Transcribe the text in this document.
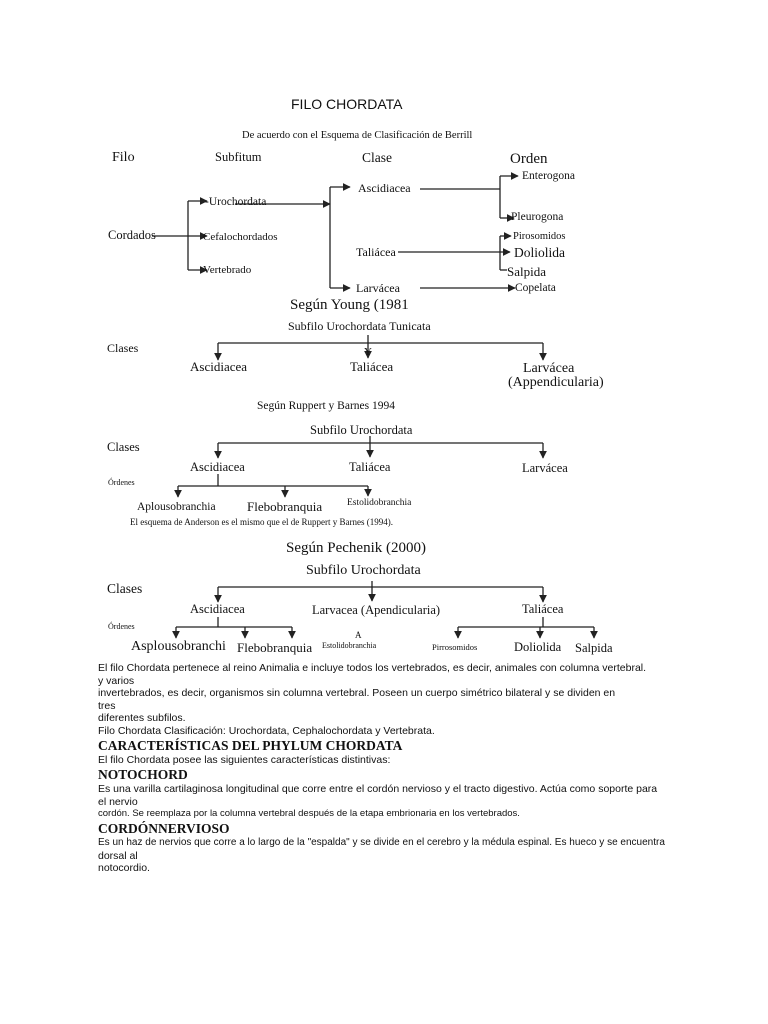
FILO CHORDATA
De acuerdo con el Esquema de Clasificación de Berrill
Filo	Subfitum	Clase	Orden
Cordados
-Urochordata
Cefalochordados
Vertebrado
Ascidiacea
Taliácea
Larvácea
Enterogona
Pleurogona
Pirosomidos
Doliolida
Salpida
Copelata
Según Young (1981
Subfilo Urochordata Tunicata
Clases	Y
Ascidiacea	Taliácea	Larvácea
(Appendicularia)
Según Ruppert y Barnes 1994
Subfilo Urochordata
Clases
Ascidiacea	Taliácea	Larvácea
Órdenes
Aplousobranchia Flebobranquia	Estolidobranchia
El esquema de Anderson es el mismo que el de Ruppert y Barnes (1994).
Según Pechenik (2000)
Subfilo Urochordata
Clases
Ascidiacea	Larvacea (Apendicularia)	Taliácea
Órdenes
A
Asplousobranchi Flebobranquia Estolidobranchia	Pirrosomidos	Doliolida Salpida

El filo Chordata pertenece al reino Animalia e incluye todos los vertebrados, es decir, animales con columna vertebral.

y varios

invertebrados, es decir, organismos sin columna vertebral. Poseen un cuerpo simétrico bilateral y se dividen en

tres

diferentes subfilos.

Filo Chordata Clasificación: Urochordata, Cephalochordata y Vertebrata.

CARACTERÍSTICAS DEL PHYLUM CHORDATA

El filo Chordata posee las siguientes características distintivas:

NOTOCHORD

Es una varilla cartilaginosa longitudinal que corre entre el cordón nervioso y el tracto digestivo. Actúa como soporte para

el nervio

cordón. Se reemplaza por la columna vertebral después de la etapa embrionaria en los vertebrados.

CORDÓNNERVIOSO

Es un haz de nervios que corre a lo largo de la "espalda" y se divide en el cerebro y la médula espinal. Es hueco y se encuentra

dorsal al

notocordio.
